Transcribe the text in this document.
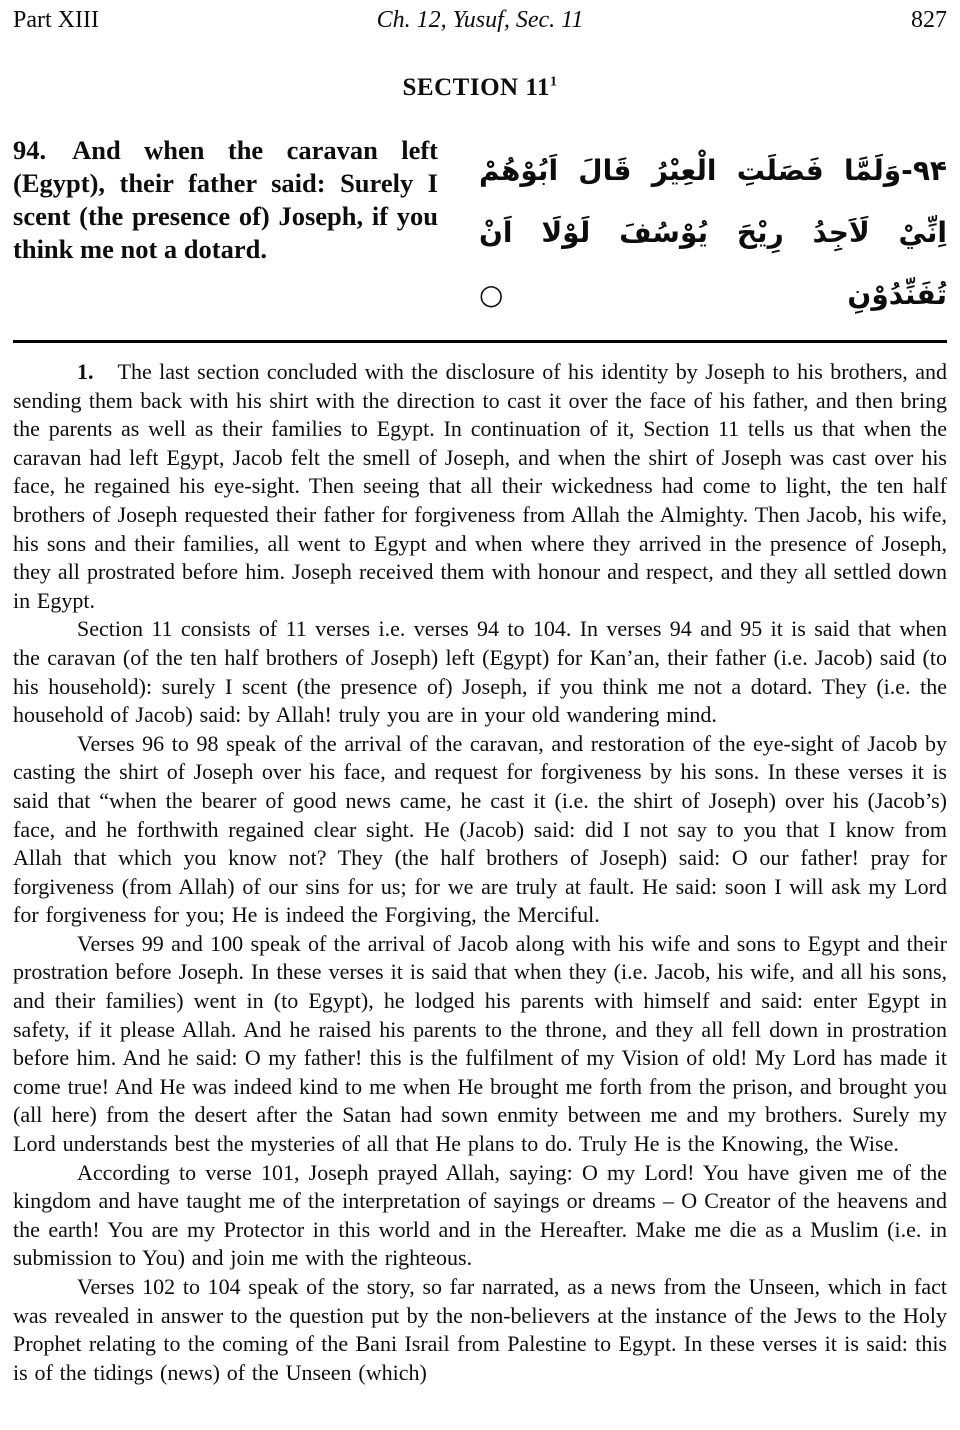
Part XIII	Ch. 12, Yusuf, Sec. 11	827
SECTION $11^1$
94. And when the caravan left (Egypt), their father said: Surely I scent (the presence of) Joseph, if you think me not a dotard.
۹۴-وَلَمَّا فَصَلَتِ الْعِيْرُ قَالَ اَبُوْهُمْ اِنِّيْ لَاَجِدُ رِيْحَ يُوْسُفَ لَوْلَا اَنْ تُفَنِّدُوْنِ○

1. The last section concluded with the disclosure of his identity by Joseph to his brothers, and sending them back with his shirt with the direction to cast it over the face of his father, and then bring the parents as well as their families to Egypt. In continuation of it, Section 11 tells us that when the caravan had left Egypt, Jacob felt the smell of Joseph, and when the shirt of Joseph was cast over his face, he regained his eye-sight. Then seeing that all their wickedness had come to light, the ten half brothers of Joseph requested their father for forgiveness from Allah the Almighty. Then Jacob, his wife, his sons and their families, all went to Egypt and when where they arrived in the presence of Joseph, they all prostrated before him. Joseph received them with honour and respect, and they all settled down in Egypt.

Section 11 consists of 11 verses i.e. verses 94 to 104. In verses 94 and 95 it is said that when the caravan (of the ten half brothers of Joseph) left (Egypt) for Kan’an, their father (i.e. Jacob) said (to his household): surely I scent (the presence of) Joseph, if you think me not a dotard. They (i.e. the household of Jacob) said: by Allah! truly you are in your old wandering mind.

Verses 96 to 98 speak of the arrival of the caravan, and restoration of the eye-sight of Jacob by casting the shirt of Joseph over his face, and request for forgiveness by his sons. In these verses it is said that “when the bearer of good news came, he cast it (i.e. the shirt of Joseph) over his (Jacob’s) face, and he forthwith regained clear sight. He (Jacob) said: did I not say to you that I know from Allah that which you know not? They (the half brothers of Joseph) said: O our father! pray for forgiveness (from Allah) of our sins for us; for we are truly at fault. He said: soon I will ask my Lord for forgiveness for you; He is indeed the Forgiving, the Merciful.

Verses 99 and 100 speak of the arrival of Jacob along with his wife and sons to Egypt and their prostration before Joseph. In these verses it is said that when they (i.e. Jacob, his wife, and all his sons, and their families) went in (to Egypt), he lodged his parents with himself and said: enter Egypt in safety, if it please Allah. And he raised his parents to the throne, and they all fell down in prostration before him. And he said: O my father! this is the fulfilment of my Vision of old! My Lord has made it come true! And He was indeed kind to me when He brought me forth from the prison, and brought you (all here) from the desert after the Satan had sown enmity between me and my brothers. Surely my Lord understands best the mysteries of all that He plans to do. Truly He is the Knowing, the Wise.

According to verse 101, Joseph prayed Allah, saying: O my Lord! You have given me of the kingdom and have taught me of the interpretation of sayings or dreams – O Creator of the heavens and the earth! You are my Protector in this world and in the Hereafter. Make me die as a Muslim (i.e. in submission to You) and join me with the righteous.

Verses 102 to 104 speak of the story, so far narrated, as a news from the Unseen, which in fact was revealed in answer to the question put by the non-believers at the instance of the Jews to the Holy Prophet relating to the coming of the Bani Israil from Palestine to Egypt. In these verses it is said: this is of the tidings (news) of the Unseen (which)
